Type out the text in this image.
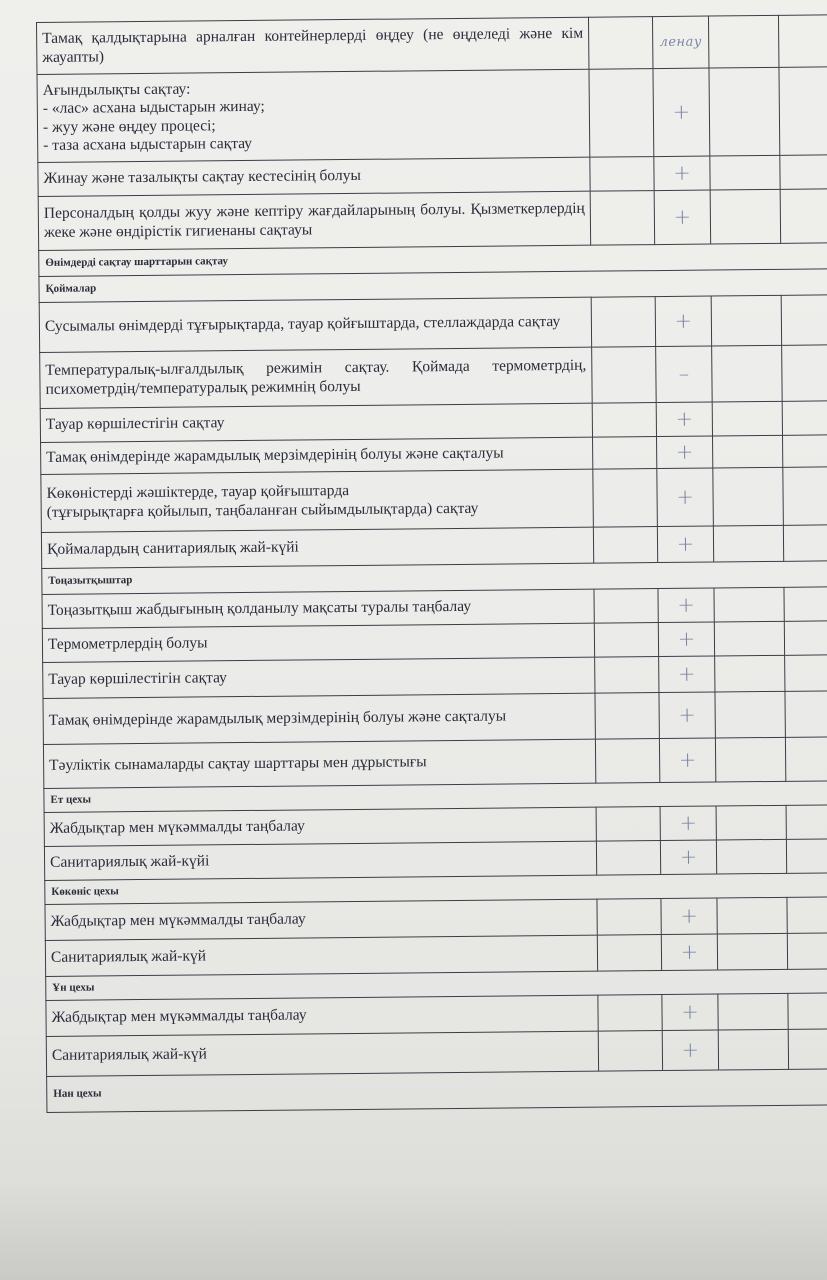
Тамақ қалдықтарына арналған контейнерлерді өңдеу (не өңделеді және кім жауапты)		ленау		
Ағындылықты сақтау:
- «лас» асхана ыдыстарын жинау;
- жуу және өңдеу процесі;
- таза асхана ыдыстарын сақтау		+		
Жинау және тазалықты сақтау кестесінің болуы		+		
Персоналдың қолды жуу және кептіру жағдайларының болуы. Қызметкерлердің жеке және өндірістік гигиенаны сақтауы		+		
Өнімдерді сақтау шарттарын сақтау				
Қоймалар				
Сусымалы өнімдерді тұғырықтарда, тауар қойғыштарда, стеллаждарда сақтау		+		
Температуралық-ылғалдылық режимін сақтау. Қоймада термометрдің, психометрдің/температуралық режимнің болуы		–		
Тауар көршілестігін сақтау		+		
Тамақ өнімдерінде жарамдылық мерзімдерінің болуы және сақталуы		+		
Көкөністерді жәшіктерде, тауар қойғыштарда
(тұғырықтарға қойылып, таңбаланған сыйымдылықтарда) сақтау		+		
Қоймалардың санитариялық жай-күйі		+		
Тоңазытқыштар				
Тоңазытқыш жабдығының қолданылу мақсаты туралы таңбалау		+		
Термометрлердің болуы		+		
Тауар көршілестігін сақтау		+		
Тамақ өнімдерінде жарамдылық мерзімдерінің болуы және сақталуы		+		
Тәуліктік сынамаларды сақтау шарттары мен дұрыстығы		+		
Ет цехы				
Жабдықтар мен мүкәммалды таңбалау		+		
Санитариялық жай-күйі		+		
Көкөніс цехы				
Жабдықтар мен мүкәммалды таңбалау		+		
Санитариялық жай-күй		+		
Ұн цехы				
Жабдықтар мен мүкәммалды таңбалау		+		
Санитариялық жай-күй		+		
Нан цехы				
